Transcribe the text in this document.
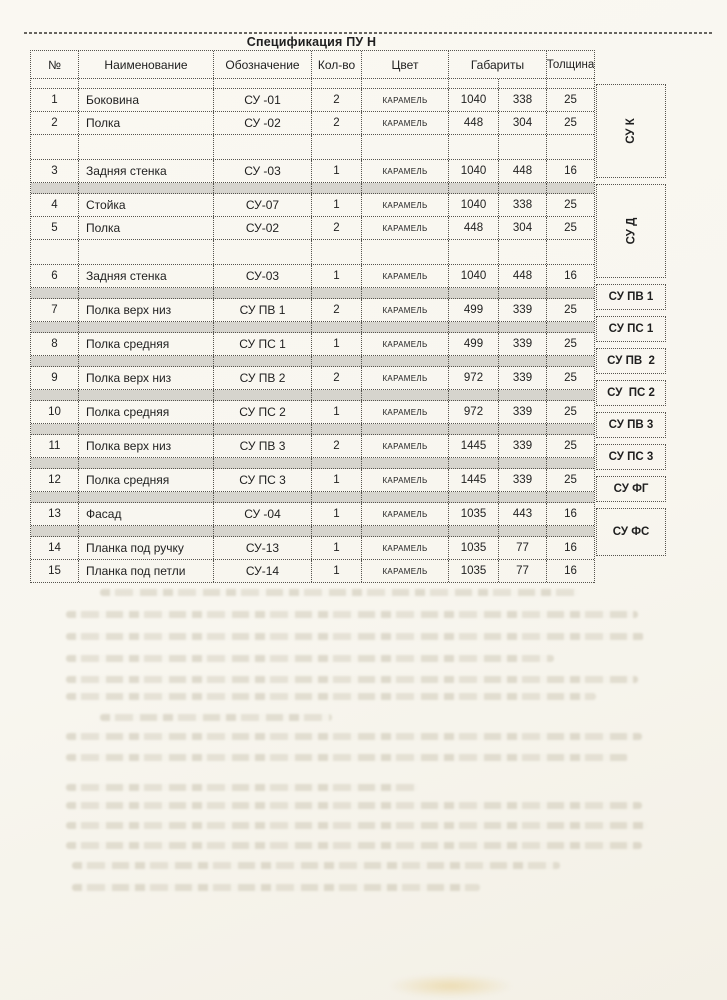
Спецификация ПУ Н
№	Наименование	Обозначение	Кол-во	Цвет	Габариты	Толщина
1	Боковина	СУ -01	2	КАРАМЕЛЬ	1040	338	25
2	Полка	СУ -02	2	КАРАМЕЛЬ	448	304	25
3	Задняя стенка	СУ -03	1	КАРАМЕЛЬ	1040	448	16
4	Стойка	СУ-07	1	КАРАМЕЛЬ	1040	338	25
5	Полка	СУ-02	2	КАРАМЕЛЬ	448	304	25
6	Задняя стенка	СУ-03	1	КАРАМЕЛЬ	1040	448	16
7	Полка верх низ	СУ ПВ 1	2	КАРАМЕЛЬ	499	339	25
8	Полка средняя	СУ ПС 1	1	КАРАМЕЛЬ	499	339	25
9	Полка верх низ	СУ ПВ 2	2	КАРАМЕЛЬ	972	339	25
10	Полка средняя	СУ ПС 2	1	КАРАМЕЛЬ	972	339	25
11	Полка верх низ	СУ ПВ 3	2	КАРАМЕЛЬ	1445	339	25
12	Полка средняя	СУ ПС 3	1	КАРАМЕЛЬ	1445	339	25
13	Фасад	СУ -04	1	КАРАМЕЛЬ	1035	443	16
14	Планка под ручку	СУ-13	1	КАРАМЕЛЬ	1035	77	16
15	Планка под петли	СУ-14	1	КАРАМЕЛЬ	1035	77	16
СУ К
СУ Д
СУ ПВ 1
СУ ПС 1
СУ ПВ  2
СУ  ПС 2
СУ ПВ 3
СУ ПС 3
СУ ФГ
СУ ФС
